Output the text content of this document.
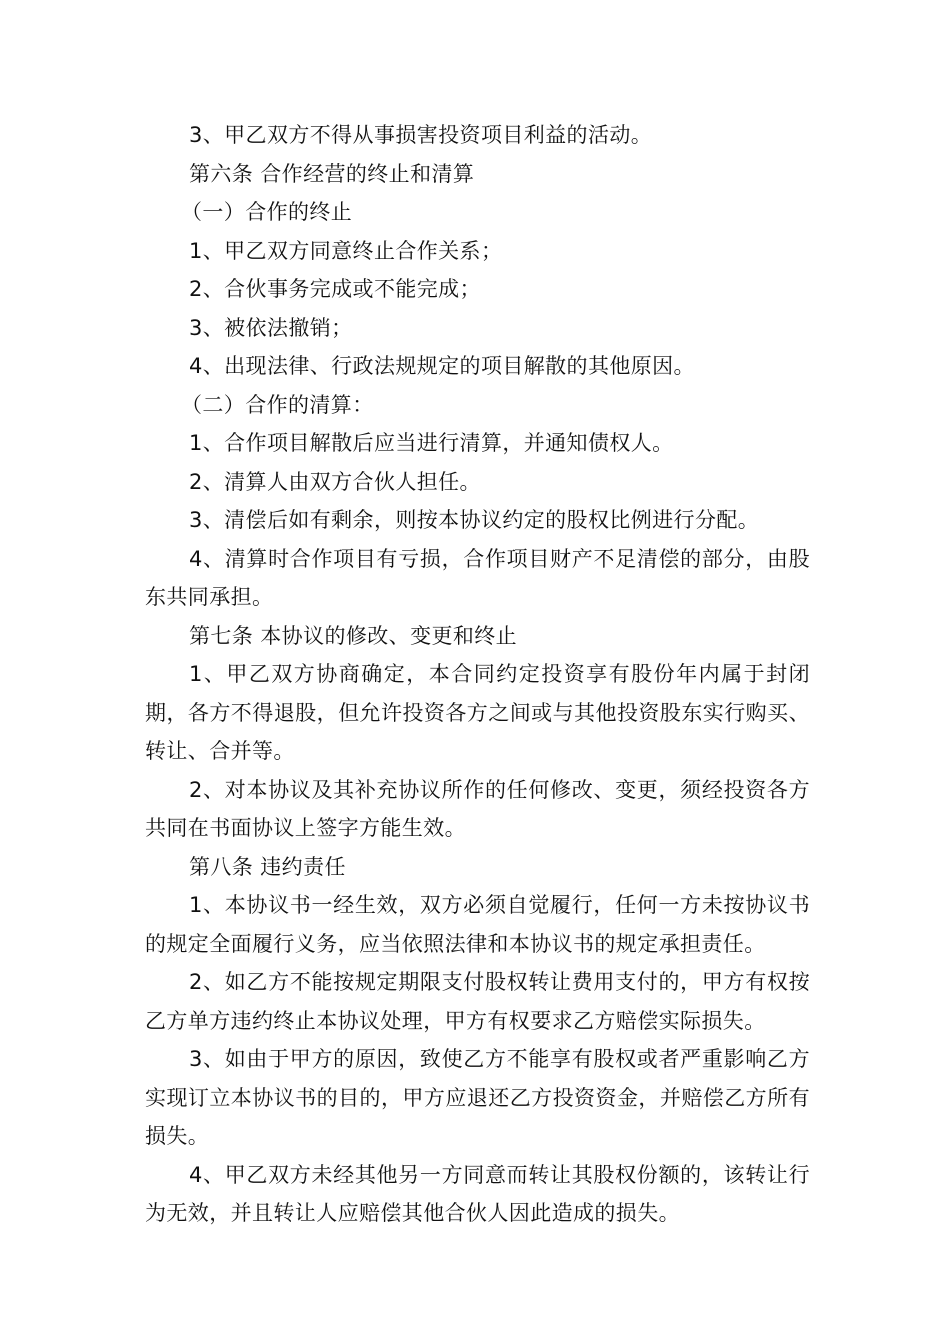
3、甲乙双方不得从事损害投资项目利益的活动。

第六条 合作经营的终止和清算

（一）合作的终止

1、甲乙双方同意终止合作关系；

2、合伙事务完成或不能完成；

3、被依法撤销；

4、出现法律、行政法规规定的项目解散的其他原因。

（二）合作的清算：

1、合作项目解散后应当进行清算，并通知债权人。

2、清算人由双方合伙人担任。

3、清偿后如有剩余，则按本协议约定的股权比例进行分配。

4、清算时合作项目有亏损，合作项目财产不足清偿的部分，由股东共同承担。

第七条 本协议的修改、变更和终止

1、甲乙双方协商确定，本合同约定投资享有股份年内属于封闭期，各方不得退股，但允许投资各方之间或与其他投资股东实行购买、转让、合并等。

2、对本协议及其补充协议所作的任何修改、变更，须经投资各方共同在书面协议上签字方能生效。

第八条 违约责任

1、本协议书一经生效，双方必须自觉履行，任何一方未按协议书的规定全面履行义务，应当依照法律和本协议书的规定承担责任。

2、如乙方不能按规定期限支付股权转让费用支付的，甲方有权按乙方单方违约终止本协议处理，甲方有权要求乙方赔偿实际损失。

3、如由于甲方的原因，致使乙方不能享有股权或者严重影响乙方实现订立本协议书的目的，甲方应退还乙方投资资金，并赔偿乙方所有损失。

4、甲乙双方未经其他另一方同意而转让其股权份额的，该转让行为无效，并且转让人应赔偿其他合伙人因此造成的损失。
